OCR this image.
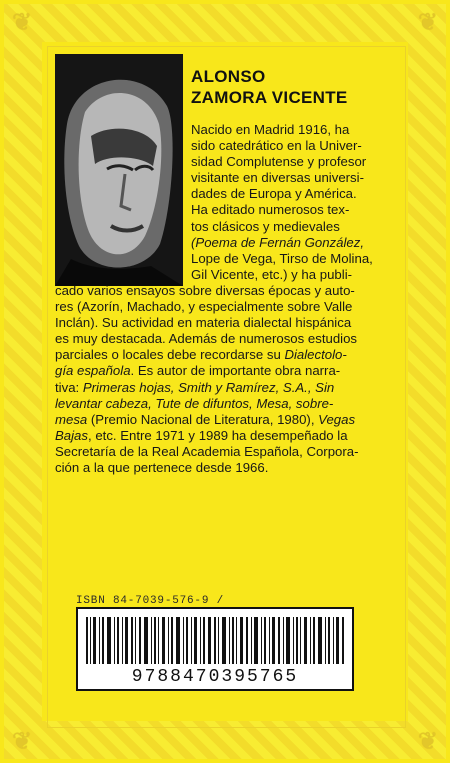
❦	❦
❦	❦
ALONSO
ZAMORA VICENTE
Nacido en Madrid 1916, ha
sido catedrático en la Univer-
sidad Complutense y profesor
visitante en diversas universi-
dades de Europa y América.
Ha editado numerosos tex-
tos clásicos y medievales
(Poema de Fernán González,
Lope de Vega, Tirso de Molina,
Gil Vicente, etc.) y ha publi-
cado varios ensayos sobre diversas épocas y auto-
res (Azorín, Machado, y especialmente sobre Valle
Inclán). Su actividad en materia dialectal hispánica
es muy destacada. Además de numerosos estudios
parciales o locales debe recordarse su Dialectolo-
gía española. Es autor de importante obra narra-
tiva: Primeras hojas, Smith y Ramírez, S.A., Sin
levantar cabeza, Tute de difuntos, Mesa, sobre-
mesa (Premio Nacional de Literatura, 1980), Vegas
Bajas, etc. Entre 1971 y 1989 ha desempeñado la
Secretaría de la Real Academia Española, Corpora-
ción a la que pertenece desde 1966.
ISBN 84-7039-576-9 /
9788470395765
